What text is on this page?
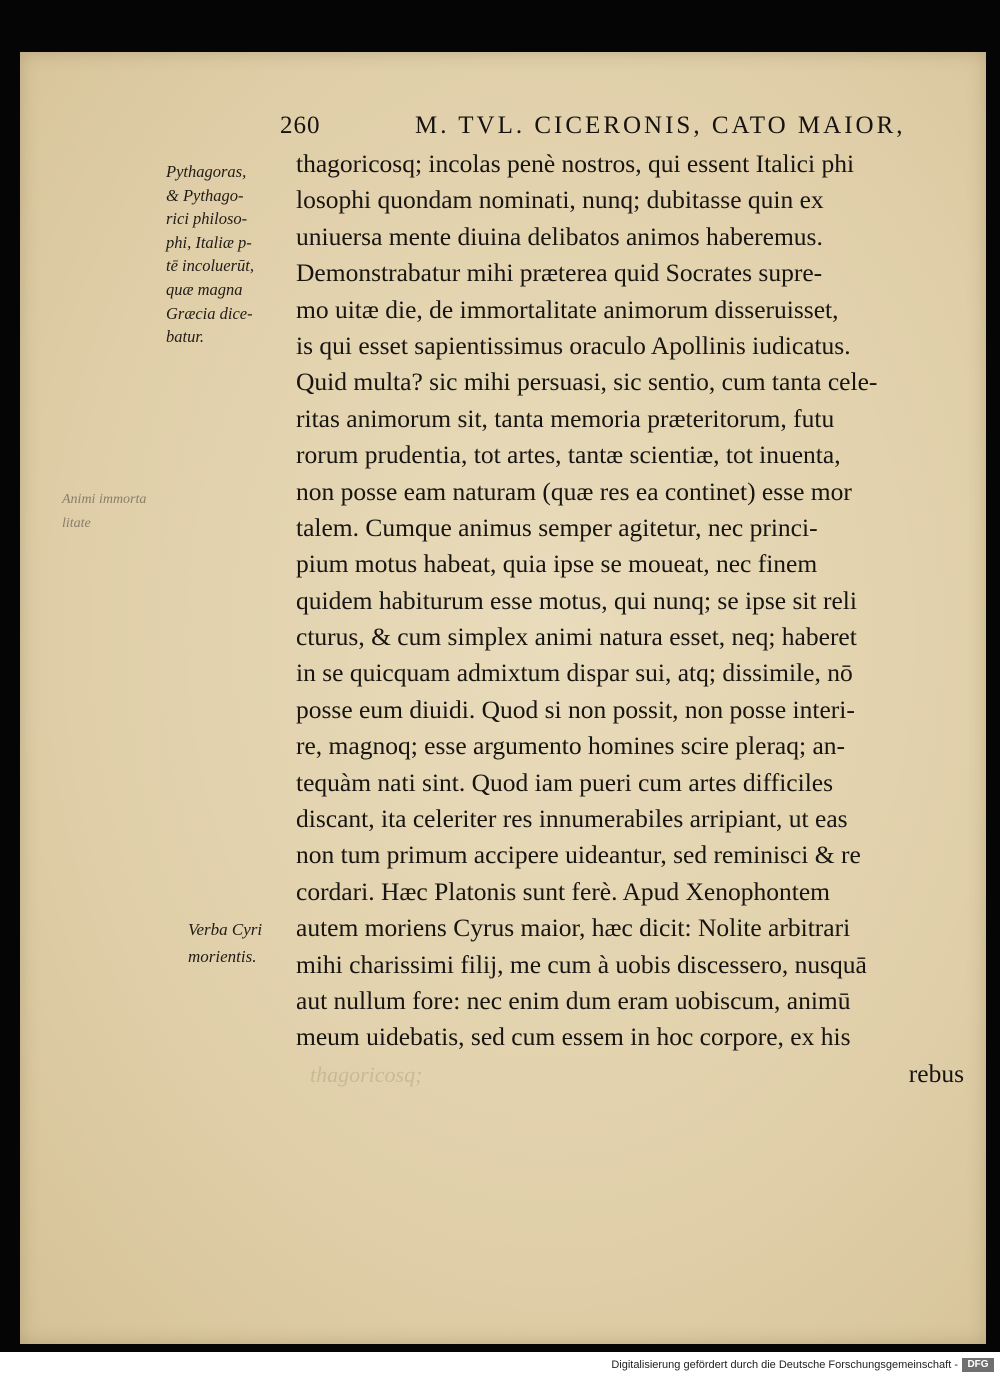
260	M. TVL. CICERONIS, CATO MAIOR,
Pythagoras,
& Pythago-
rici philoso-
phi, Italiæ p-
tē incoluerūt,
quæ magna
Græcia dice-
batur.
Animi immorta
litate
Verba Cyri
morientis.
thagoricosq; incolas penè nostros, qui essent Italici phi
losophi quondam nominati, nunq; dubitasse quin ex
uniuersa mente diuina delibatos animos haberemus.
Demonstrabatur mihi præterea quid Socrates supre-
mo uitæ die, de immortalitate animorum disseruisset,
is qui esset sapientissimus oraculo Apollinis iudicatus.
Quid multa? sic mihi persuasi, sic sentio, cum tanta cele-
ritas animorum sit, tanta memoria præteritorum, futu
rorum prudentia, tot artes, tantæ scientiæ, tot inuenta,
non posse eam naturam (quæ res ea continet) esse mor
talem. Cumque animus semper agitetur, nec princi-
pium motus habeat, quia ipse se moueat, nec finem
quidem habiturum esse motus, qui nunq; se ipse sit reli
cturus, & cum simplex animi natura esset, neq; haberet
in se quicquam admixtum dispar sui, atq; dissimile, nō
posse eum diuidi. Quod si non possit, non posse interi-
re, magnoq; esse argumento homines scire pleraq; an-
tequàm nati sint. Quod iam pueri cum artes difficiles
discant, ita celeriter res innumerabiles arripiant, ut eas
non tum primum accipere uideantur, sed reminisci & re
cordari. Hæc Platonis sunt ferè. Apud Xenophontem
autem moriens Cyrus maior, hæc dicit: Nolite arbitrari
mihi charissimi filij, me cum à uobis discessero, nusquā
aut nullum fore: nec enim dum eram uobiscum, animū
meum uidebatis, sed cum essem in hoc corpore, ex his
rebus
thagoricosq;
Digitalisierung gefördert durch die Deutsche Forschungsgemeinschaft - DFG
